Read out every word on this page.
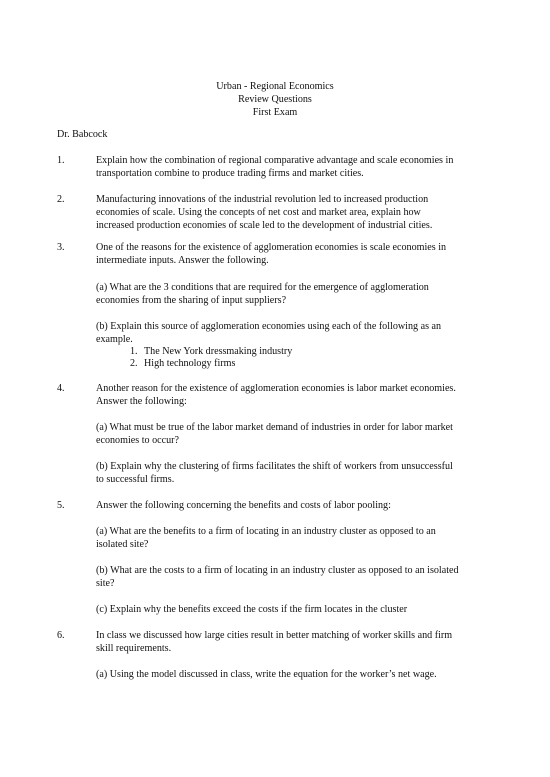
Urban - Regional Economics
Review Questions
First Exam
Dr. Babcock
1.	Explain how the combination of regional comparative advantage and scale economies in
transportation combine to produce trading firms and market cities.
2.	Manufacturing innovations of the industrial revolution led to increased production
economies of scale. Using the concepts of net cost and market area, explain how
increased production economies of scale led to the development of industrial cities.
3.	One of the reasons for the existence of agglomeration economies is scale economies in
intermediate inputs. Answer the following.
(a) What are the 3 conditions that are required for the emergence of agglomeration
economies from the sharing of input suppliers?
(b) Explain this source of agglomeration economies using each of the following as an
example.
1. The New York dressmaking industry
2. High technology firms
4.	Another reason for the existence of agglomeration economies is labor market economies.
Answer the following:
(a) What must be true of the labor market demand of industries in order for labor market
economies to occur?
(b) Explain why the clustering of firms facilitates the shift of workers from unsuccessful
to successful firms.
5.	Answer the following concerning the benefits and costs of labor pooling:
(a) What are the benefits to a firm of locating in an industry cluster as opposed to an
isolated site?
(b) What are the costs to a firm of locating in an industry cluster as opposed to an isolated
site?
(c) Explain why the benefits exceed the costs if the firm locates in the cluster
6.	In class we discussed how large cities result in better matching of worker skills and firm
skill requirements.
(a) Using the model discussed in class, write the equation for the worker’s net wage.
